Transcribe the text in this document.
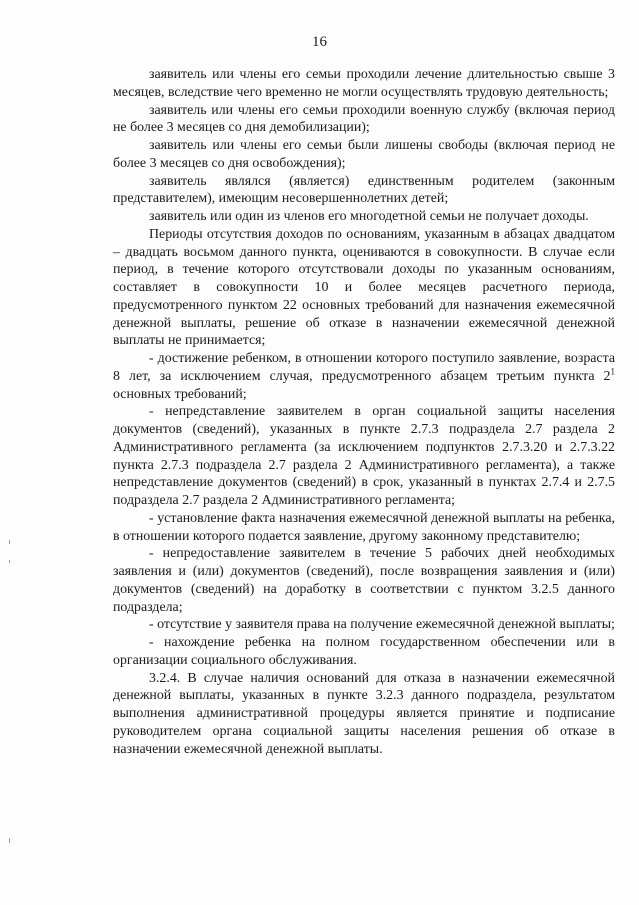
16

заявитель или члены его семьи проходили лечение длительностью свыше 3 месяцев, вследствие чего временно не могли осуществлять трудовую деятельность;

заявитель или члены его семьи проходили военную службу (включая период не более 3 месяцев со дня демобилизации);

заявитель или члены его семьи были лишены свободы (включая период не более 3 месяцев со дня освобождения);

заявитель являлся (является) единственным родителем (законным представителем), имеющим несовершеннолетних детей;

заявитель или один из членов его многодетной семьи не получает доходы.

Периоды отсутствия доходов по основаниям, указанным в абзацах двадцатом – двадцать восьмом данного пункта, оцениваются в совокупности. В случае если период, в течение которого отсутствовали доходы по указанным основаниям, составляет в совокупности 10 и более месяцев расчетного периода, предусмотренного пунктом 22 основных требований для назначения ежемесячной денежной выплаты, решение об отказе в назначении ежемесячной денежной выплаты не принимается;

- достижение ребенком, в отношении которого поступило заявление, возраста 8 лет, за исключением случая, предусмотренного абзацем третьим пункта $2^1$ основных требований;

- непредставление заявителем в орган социальной защиты населения документов (сведений), указанных в пункте 2.7.3 подраздела 2.7 раздела 2 Административного регламента (за исключением подпунктов 2.7.3.20 и 2.7.3.22 пункта 2.7.3 подраздела 2.7 раздела 2 Административного регламента), а также непредставление документов (сведений) в срок, указанный в пунктах 2.7.4 и 2.7.5 подраздела 2.7 раздела 2 Административного регламента;

- установление факта назначения ежемесячной денежной выплаты на ребенка, в отношении которого подается заявление, другому законному представителю;

- непредоставление заявителем в течение 5 рабочих дней необходимых заявления и (или) документов (сведений), после возвращения заявления и (или) документов (сведений) на доработку в соответствии с пунктом 3.2.5 данного подраздела;

- отсутствие у заявителя права на получение ежемесячной денежной выплаты;

- нахождение ребенка на полном государственном обеспечении или в организации социального обслуживания.

3.2.4. В случае наличия оснований для отказа в назначении ежемесячной денежной выплаты, указанных в пункте 3.2.3 данного подраздела, результатом выполнения административной процедуры является принятие и подписание руководителем органа социальной защиты населения решения об отказе в назначении ежемесячной денежной выплаты.
